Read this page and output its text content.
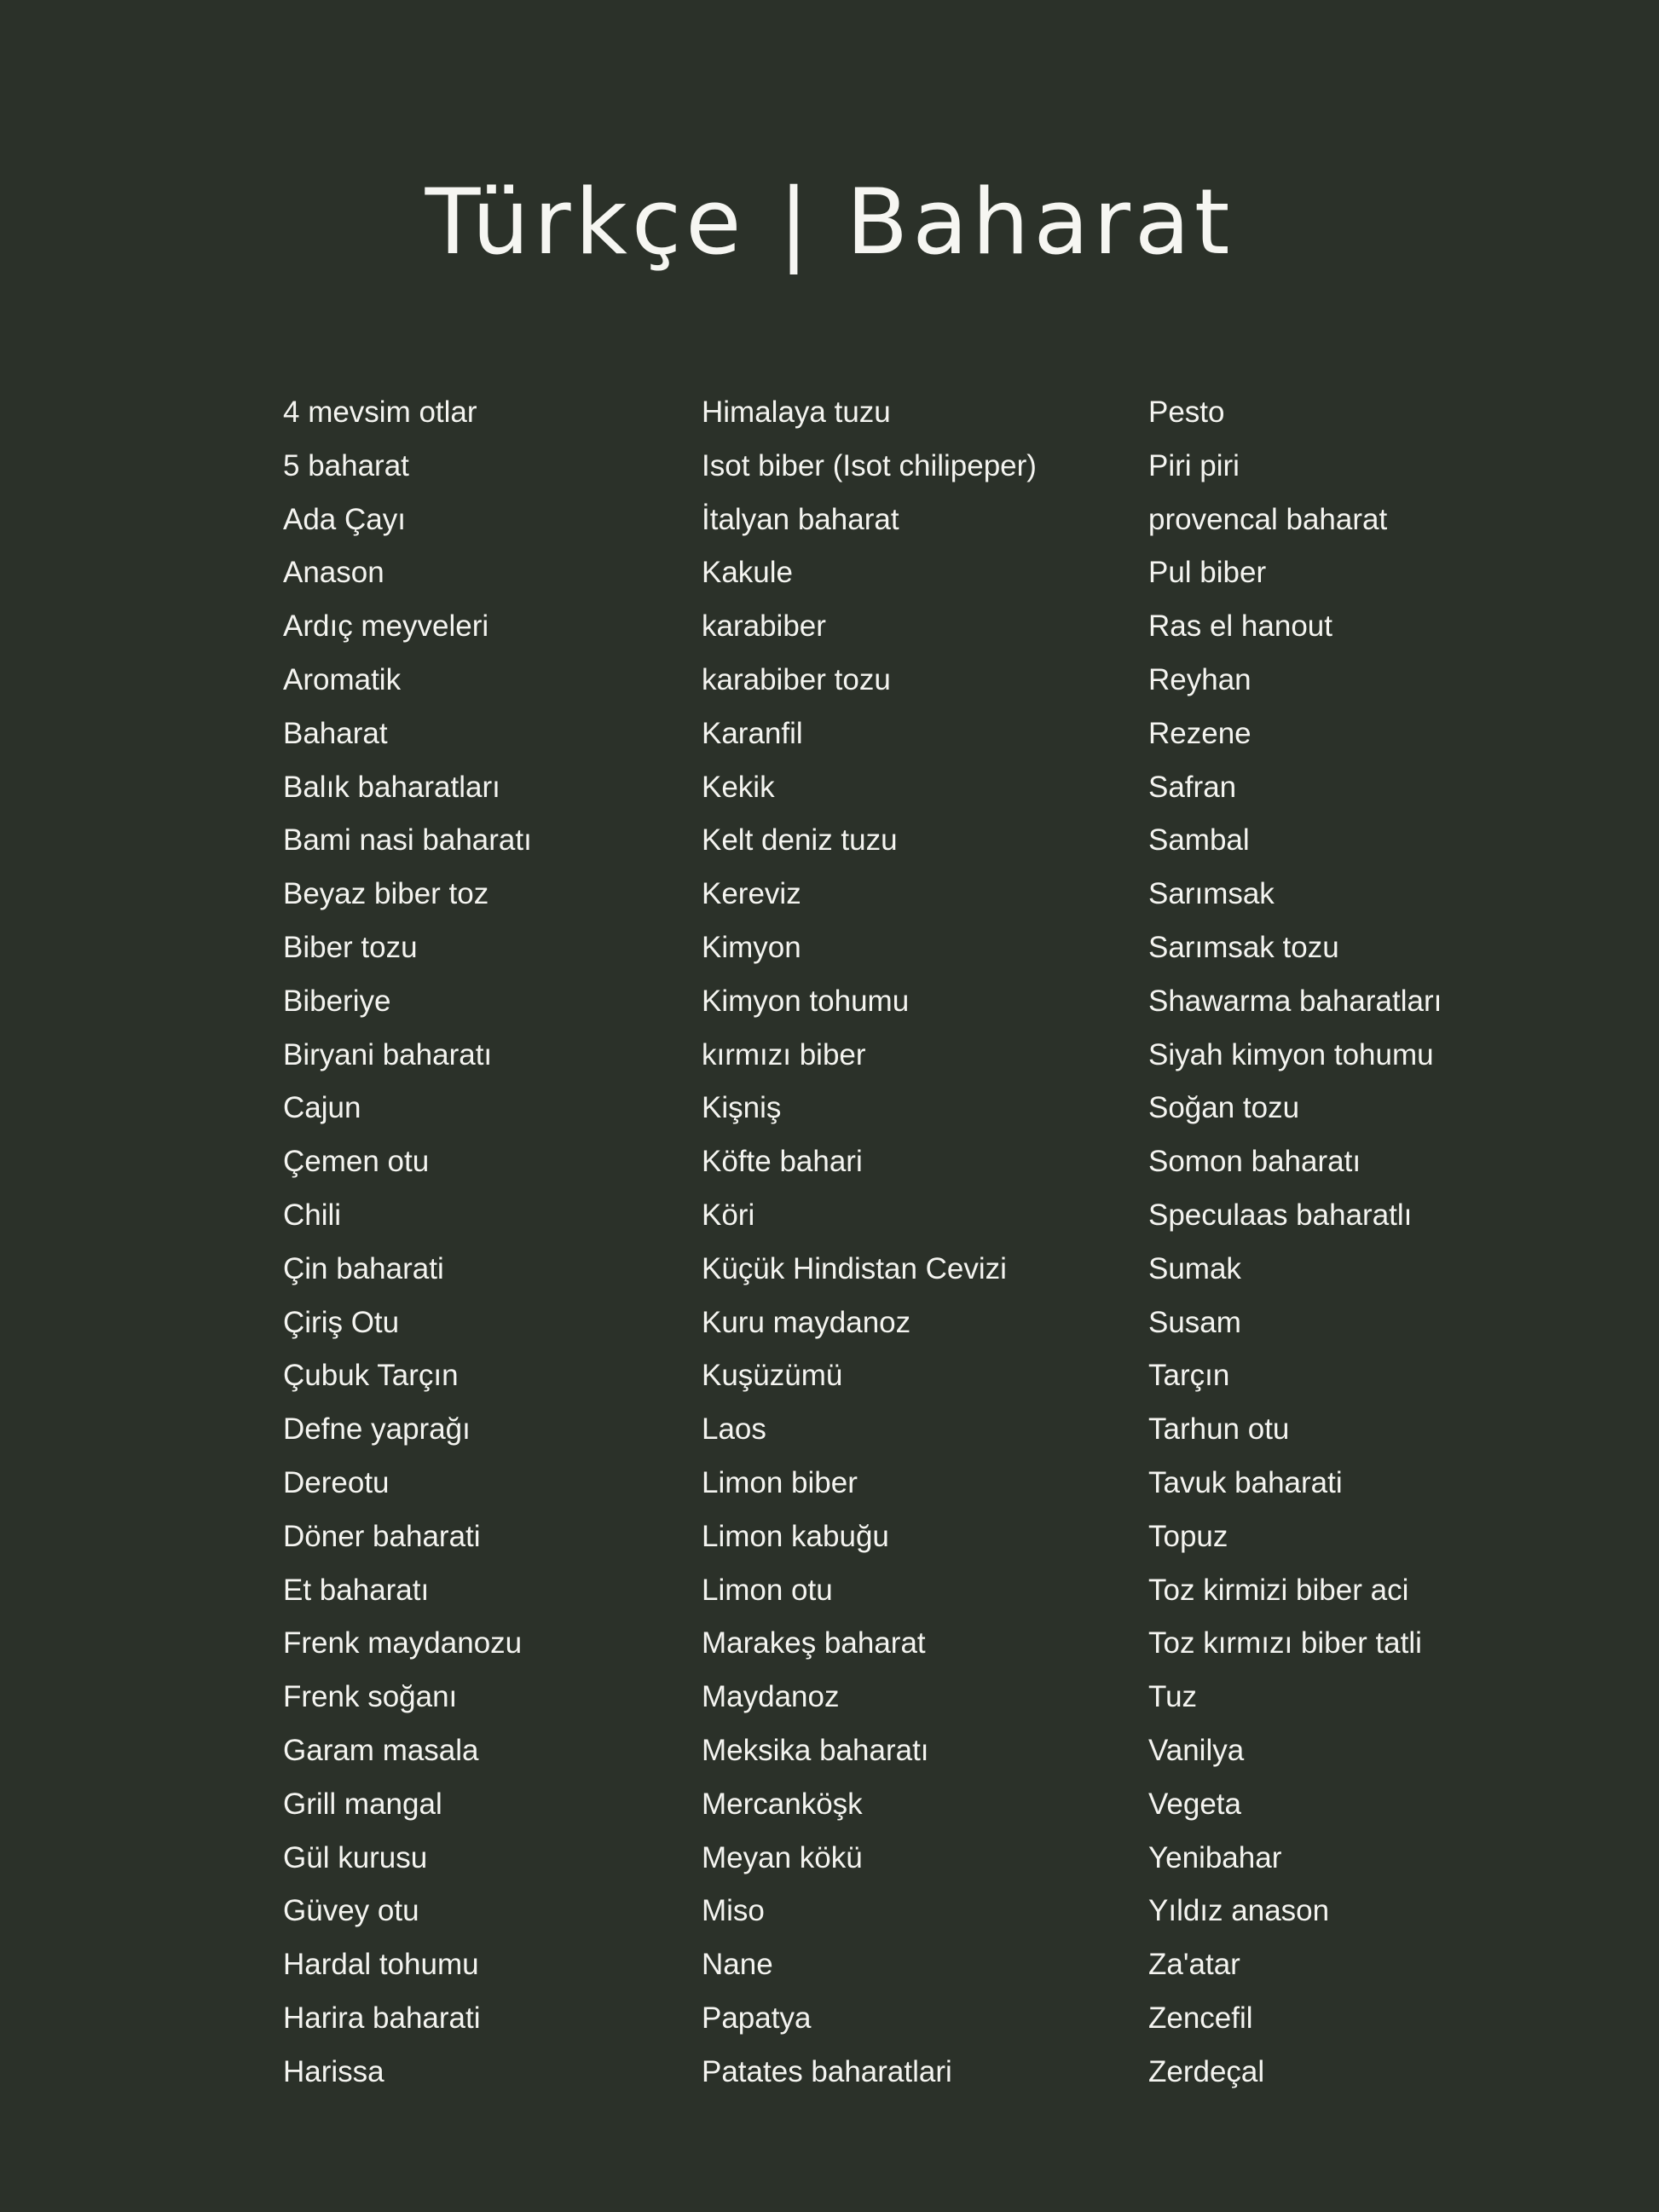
Türkçe | Baharat
4 mevsim otlar
5 baharat
Ada Çayı
Anason
Ardıç meyveleri
Aromatik
Baharat
Balık baharatları
Bami nasi baharatı
Beyaz biber toz
Biber tozu
Biberiye
Biryani baharatı
Cajun
Çemen otu
Chili
Çin baharati
Çiriş Otu
Çubuk Tarçın
Defne yaprağı
Dereotu
Döner baharati
Et baharatı
Frenk maydanozu
Frenk soğanı
Garam masala
Grill mangal
Gül kurusu
Güvey otu
Hardal tohumu
Harira baharati
Harissa
Himalaya tuzu
Isot biber (Isot chilipeper)
İtalyan baharat
Kakule
karabiber
karabiber tozu
Karanfil
Kekik
Kelt deniz tuzu
Kereviz
Kimyon
Kimyon tohumu
kırmızı biber
Kişniş
Köfte bahari
Köri
Küçük Hindistan Cevizi
Kuru maydanoz
Kuşüzümü
Laos
Limon biber
Limon kabuğu
Limon otu
Marakeş baharat
Maydanoz
Meksika baharatı
Mercanköşk
Meyan kökü
Miso
Nane
Papatya
Patates baharatlari
Pesto
Piri piri
provencal baharat
Pul biber
Ras el hanout
Reyhan
Rezene
Safran
Sambal
Sarımsak
Sarımsak tozu
Shawarma baharatları
Siyah kimyon tohumu
Soğan tozu
Somon baharatı
Speculaas baharatlı
Sumak
Susam
Tarçın
Tarhun otu
Tavuk baharati
Topuz
Toz kirmizi biber aci
Toz kırmızı biber tatli
Tuz
Vanilya
Vegeta
Yenibahar
Yıldız anason
Za'atar
Zencefil
Zerdeçal
